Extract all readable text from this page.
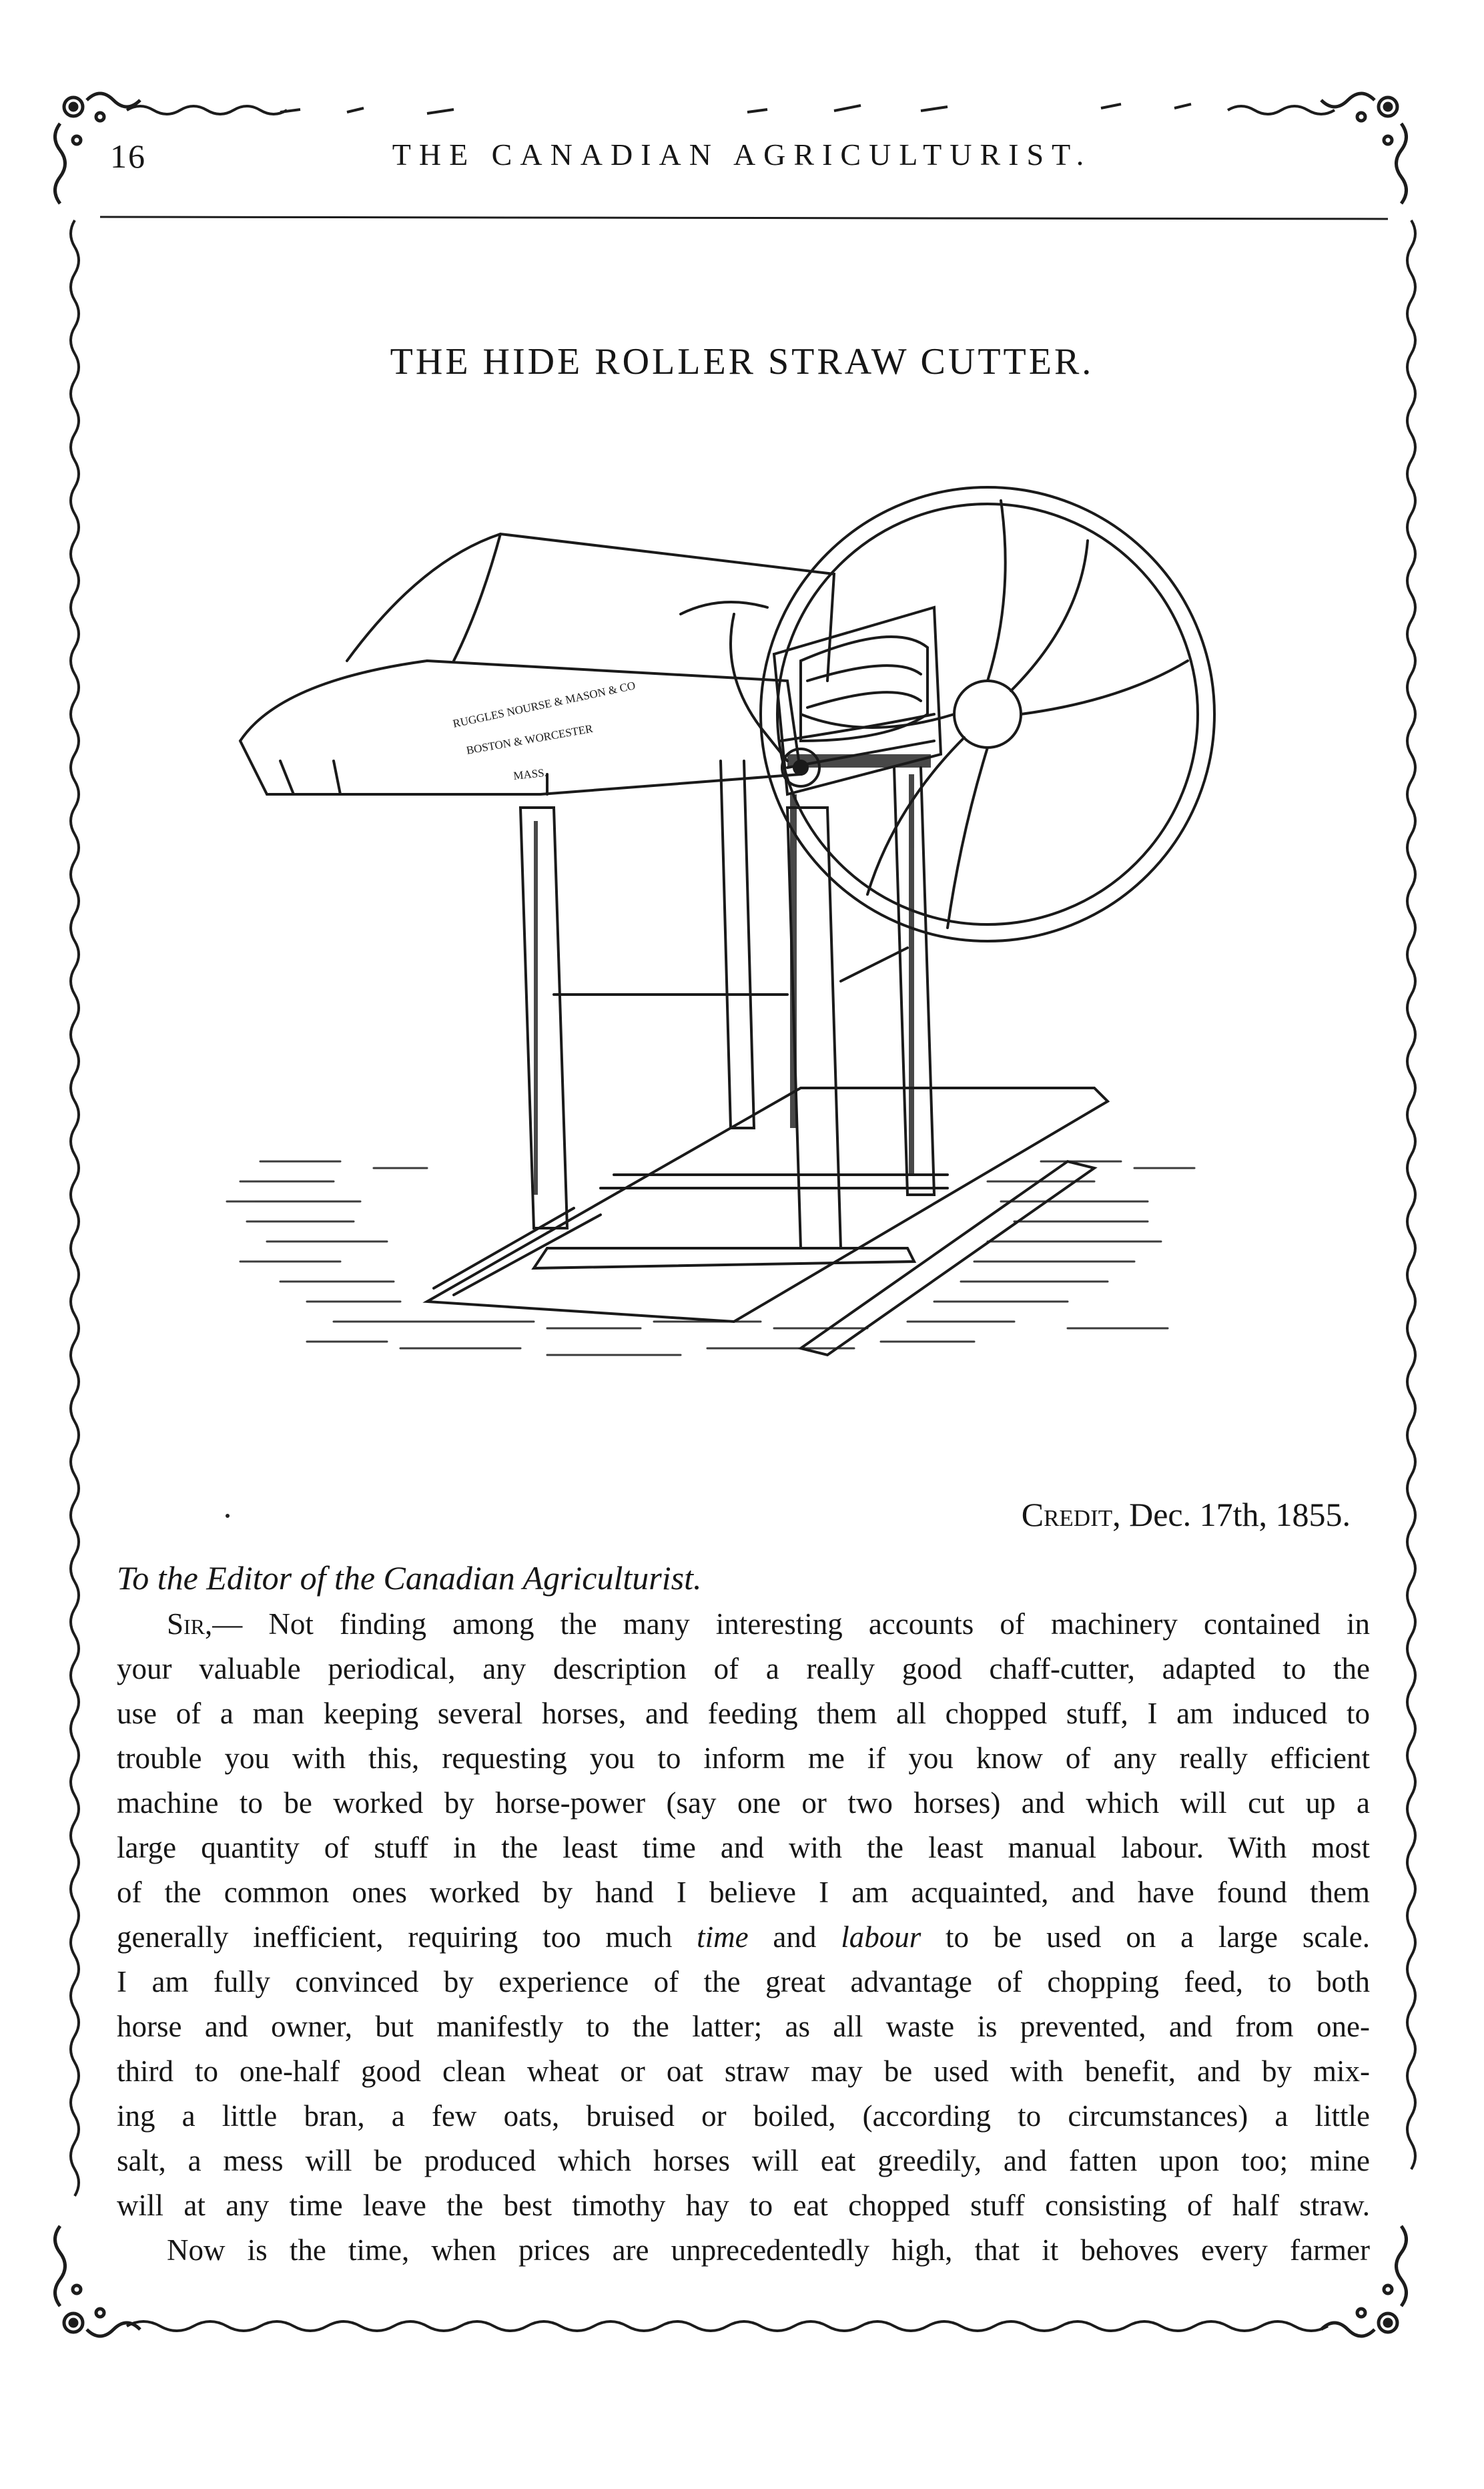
16	THE CANADIAN AGRICULTURIST.
THE HIDE ROLLER STRAW CUTTER.
RUGGLES NOURSE & MASON & CO
BOSTON & WORCESTER
MASS.
Credit, Dec. 17th, 1855.
To the Editor of the Canadian Agriculturist.
Sir,— Not finding among the many interesting accounts of machinery contained in
your valuable periodical, any description of a really good chaff-cutter, adapted to the
use of a man keeping several horses, and feeding them all chopped stuff, I am induced to
trouble you with this, requesting you to inform me if you know of any really efficient
machine to be worked by horse-power (say one or two horses) and which will cut up a
large quantity of stuff in the least time and with the least manual labour. With most
of the common ones worked by hand I believe I am acquainted, and have found them
generally inefficient, requiring too much time and labour to be used on a large scale.
I am fully convinced by experience of the great advantage of chopping feed, to both
horse and owner, but manifestly to the latter; as all waste is prevented, and from one-
third to one-half good clean wheat or oat straw may be used with benefit, and by mix-
ing a little bran, a few oats, bruised or boiled, (according to circumstances) a little
salt, a mess will be produced which horses will eat greedily, and fatten upon too; mine
will at any time leave the best timothy hay to eat chopped stuff consisting of half straw.
Now is the time, when prices are unprecedentedly high, that it behoves every farmer
